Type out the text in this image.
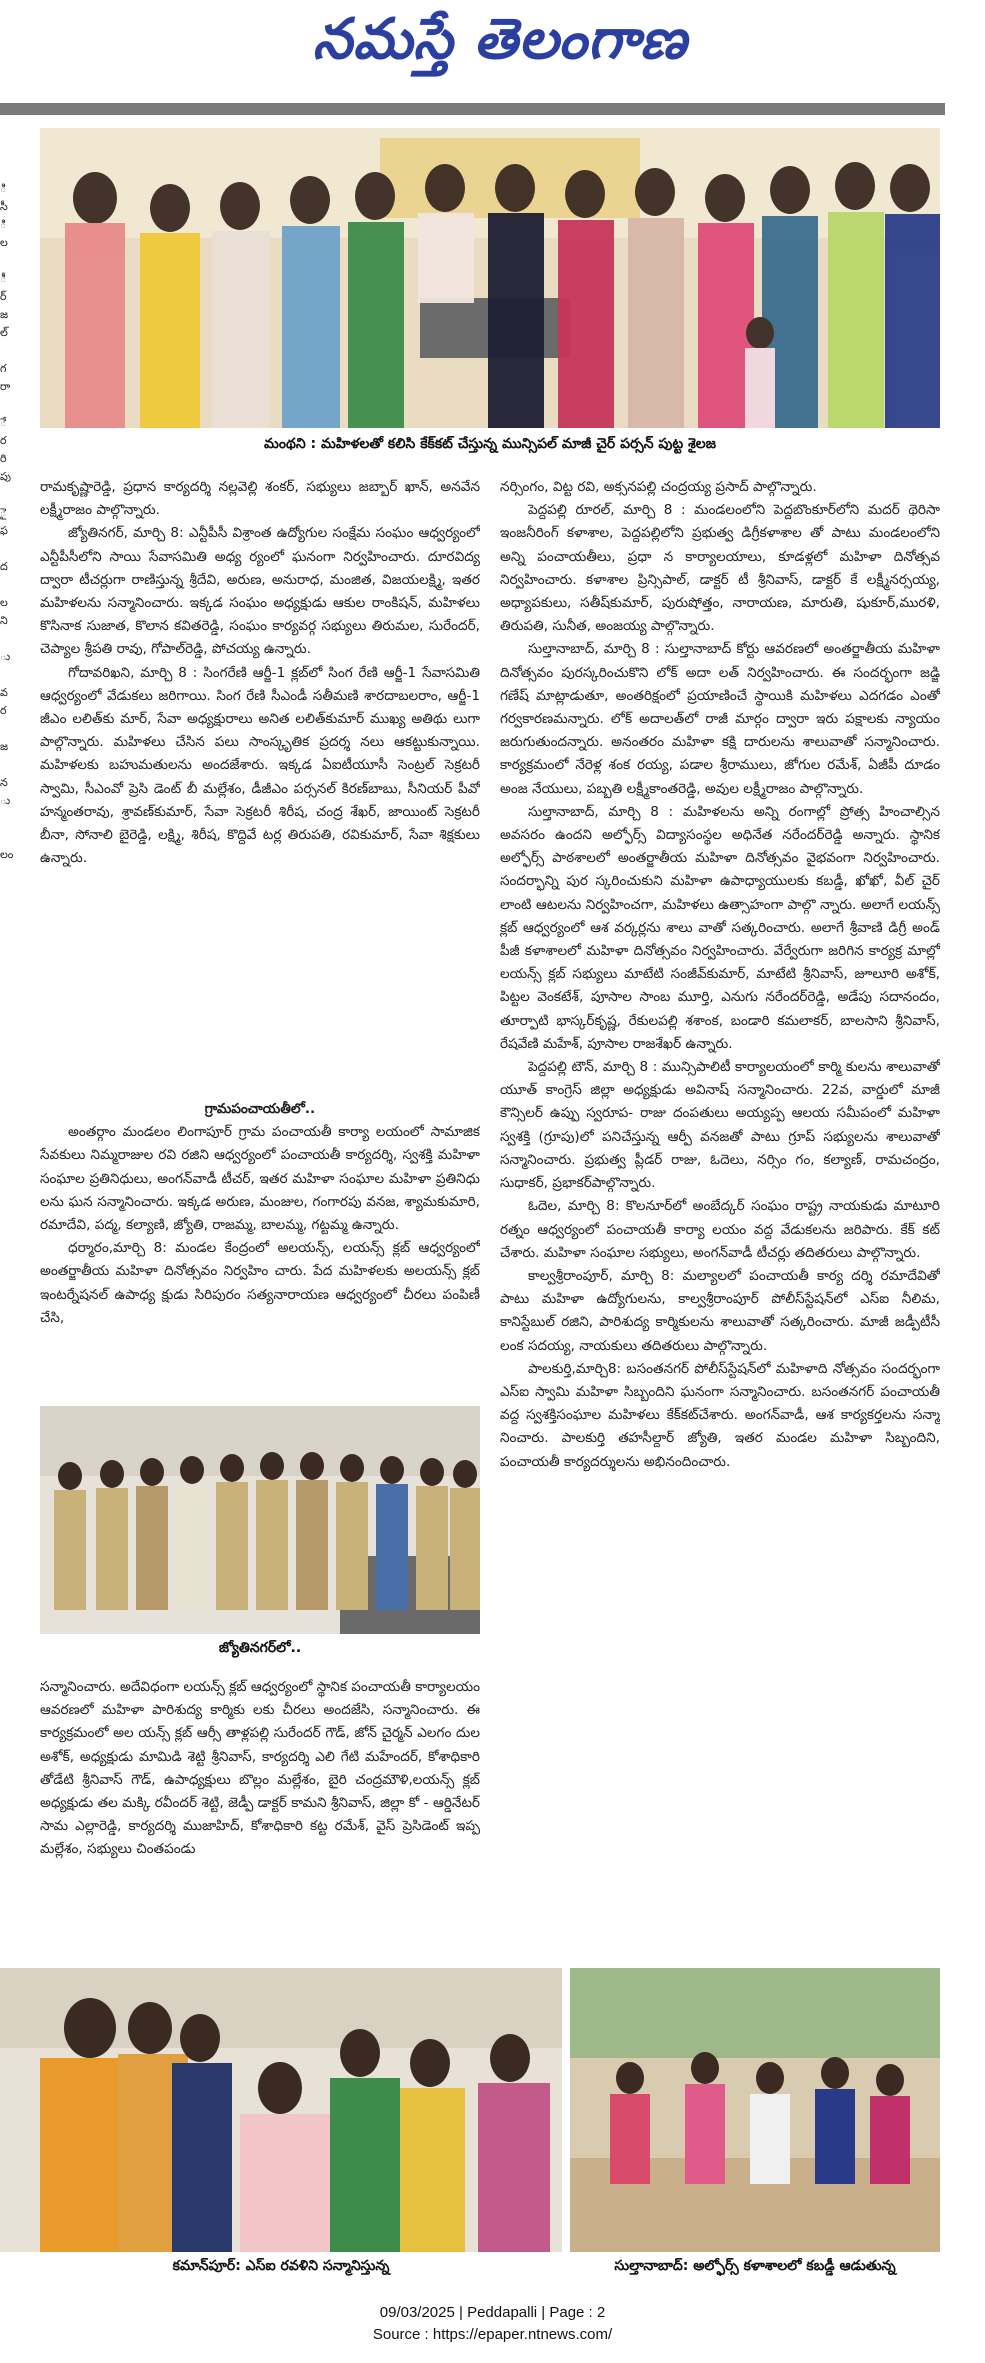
నమస్తే తెలంగాణ
ి
సీ
ి
ల

ీ
ర్
జ
ల్

గ
రా

ే
ర
రి
పు

ై
ఫ

ద

ల
ని

ు

వ
ర

జ

న
ు

లం
మంథని : మహిళలతో కలిసి కేక్‌కట్ చేస్తున్న మున్సిపల్ మాజీ చైర్ పర్సన్ పుట్ట శైలజ

రామకృష్ణారెడ్డి, ప్రధాన కార్యదర్శి నల్లవెల్లి శంకర్, సభ్యులు జబ్బార్ ఖాన్, అనవేన లక్ష్మీరాజం పాల్గొన్నారు.

జ్యోతినగర్, మార్చి 8: ఎన్టీపీసీ విశ్రాంత ఉద్యోగుల సంక్షేమ సంఘం ఆధ్వర్యంలో ఎన్టీపీసీలోని సాయి సేవాసమితి అధ్య ర్యంలో ఘనంగా నిర్వహించారు. దూరవిద్య ద్వారా టీచర్లుగా రాణిస్తున్న శ్రీదేవి, అరుణ, అనురాధ, మంజిత, విజయలక్ష్మి, ఇతర మహిళలను సన్మానించారు. ఇక్కడ సంఘం అధ్యక్షుడు ఆకుల రాంకిషన్, మహిళలు కొసినాక సుజాత, కొలాన కవితరెడ్డి, సంఘం కార్యవర్గ సభ్యులు తిరుమల, సురేందర్, చెప్యాల శ్రీపతి రావు, గోపాల్‌రెడ్డి, పోచయ్య ఉన్నారు.

గోదావరిఖని, మార్చి 8 : సింగరేణి ఆర్జీ-1 క్లబ్‌లో సింగ రేణి ఆర్జీ-1 సేవాసమితి ఆధ్వర్యంలో వేడుకలు జరిగాయి. సింగ రేణి సీఎండీ సతీమణి శారదాబలరాం, ఆర్జీ-1 జీఎం లలిత్‌కు మార్, సేవా అధ్యక్షురాలు అనిత లలిత్‌కుమార్ ముఖ్య అతిథు లుగా పాల్గొన్నారు. మహిళలు చేసిన పలు సాంస్కృతిక ప్రదర్శ నలు ఆకట్టుకున్నాయి. మహిళలకు బహుమతులను అందజేశారు. ఇక్కడ ఏఐటీయూసీ సెంట్రల్ సెక్రటరీ స్వామి, సీఎంవో ప్రెసి డెంట్ బీ మల్లేశం, డీజీఎం పర్సనల్ కిరణ్‌బాబు, సీనియర్ పీవో హన్మంతరావు, శ్రావణ్‌కుమార్, సేవా సెక్రటరీ శిరీష, చంద్ర శేఖర్, జాయింట్ సెక్రటరీ బీనా, సోనాలి బైరెడ్డి, లక్ష్మి, శిరీష, కొద్దివే టర్ల తిరుపతి, రవికుమార్, సేవా శిక్షకులు ఉన్నారు.

గ్రామపంచాయతీలో..

అంతర్గాం మండలం లింగాపూర్ గ్రామ పంచాయతీ కార్యా లయంలో సామాజిక సేవకులు నిమ్మరాజుల రవి రజిని ఆధ్వర్యంలో పంచాయతీ కార్యదర్శి, స్వశక్తి మహిళా సంఘాల ప్రతినిధులు, అంగన్‌వాడీ టీచర్, ఇతర మహిళా సంఘాల మహిళా ప్రతినిధు లను ఘన సన్మానించారు. ఇక్కడ అరుణ, మంజుల, గంగారపు వనజ, శ్యామకుమారి, రమాదేవి, పద్మ, కల్యాణి, జ్యోతి, రాజమ్మ, బాలమ్మ, గట్టమ్మ ఉన్నారు.

ధర్మారం,మార్చి 8: మండల కేంద్రంలో అలయన్స్, లయన్స్ క్లబ్ ఆధ్వర్యంలో అంతర్జాతీయ మహిళా దినోత్సవం నిర్వహిం చారు. పేద మహిళలకు అలయన్స్ క్లబ్ ఇంటర్నేషనల్ ఉపాధ్య క్షుడు సిరిపురం సత్యనారాయణ ఆధ్వర్యంలో చీరలు పంపిణీ చేసి,

జ్యోతినగర్‌లో..

సన్మానించారు. అదేవిధంగా లయన్స్ క్లబ్ ఆధ్వర్యంలో స్థానిక పంచాయతీ కార్యాలయం ఆవరణలో మహిళా పారిశుద్య కార్మికు లకు చీరలు అందజేసి, సన్మానించారు. ఈ కార్యక్రమంలో అల యన్స్ క్లబ్ ఆర్సీ తాళ్లపల్లి సురేందర్ గౌడ్, జోన్ చైర్మన్ ఎలగం దుల అశోక్, అధ్యక్షుడు మామిడి శెట్టి శ్రీనివాస్, కార్యదర్శి ఎలి గేటి మహేందర్, కోశాధికారి తోడేటి శ్రీనివాస్ గౌడ్, ఉపాధ్యక్షులు బొల్లం మల్లేశం, బైరి చంద్రమౌళి,లయన్స్ క్లబ్ అధ్యక్షుడు తల మక్కి రవీందర్ శెట్టి, జెడ్పీ డాక్టర్ కామని శ్రీనివాస్, జిల్లా కో - ఆర్డినేటర్ సామ ఎల్లారెడ్డి, కార్యదర్శి ముజాహిద్, కోశాధికారి కట్ట రమేశ్, వైస్ ప్రెసిడెంట్ ఇప్ప మల్లేశం, సభ్యులు చింతపండు

నర్సింగం, విట్ట రవి, అక్సనపల్లి చంద్రయ్య ప్రసాద్ పాల్గొన్నారు.

పెద్దపల్లి రూరల్, మార్చి 8 : మండలంలోని పెద్దబొంకూర్‌లోని మదర్ థెరిసా ఇంజనీరింగ్ కళాశాల, పెద్దపల్లిలోని ప్రభుత్వ డిగ్రీకళాశాల తో పాటు మండలంలోని అన్ని పంచాయతీలు, ప్రధా న కార్యాలయాలు, కూడళ్లలో మహిళా దినోత్సవ నిర్వహించారు. కళాశాల ప్రిన్సిపాల్, డాక్టర్ టీ శ్రీనివాస్, డాక్టర్ కే లక్ష్మీనర్సయ్య, అధ్యాపకులు, సతీష్‌కుమార్, పురుషోత్తం, నారాయణ, మారుతి, షుకూర్,మురళి, తిరుపతి, సునీత, అంజయ్య పాల్గొన్నారు.

సుల్తానాబాద్, మార్చి 8 : సుల్తానాబాద్ కోర్టు ఆవరణలో అంతర్జాతీయ మహిళా దినోత్సవం పురస్కరించుకొని లోక్ అదా లత్ నిర్వహించారు. ఈ సందర్భంగా జడ్జి గణేష్ మాట్లాడుతూ, అంతరిక్షంలో ప్రయాణించే స్థాయికి మహిళలు ఎదగడం ఎంతో గర్వకారణమన్నారు. లోక్ అదాలత్‌లో రాజీ మార్గం ద్వారా ఇరు పక్షాలకు న్యాయం జరుగుతుందన్నారు. అనంతరం మహిళా కక్షి దారులను శాలువాతో సన్మానించారు. కార్యక్రమంలో నేరెళ్ల శంక రయ్య, పడాల శ్రీరాములు, జోగుల రమేశ్, ఏజీపీ దూడం అంజ నేయులు, పబ్బతి లక్ష్మీకాంతరెడ్డి, అవుల లక్ష్మీరాజం పాల్గొన్నారు.

సుల్తానాబాద్, మార్చి 8 : మహిళలను అన్ని రంగాల్లో ప్రోత్స హించాల్సిన అవసరం ఉందని అల్ఫోర్స్ విద్యాసంస్థల అధినేత నరేందర్‌రెడ్డి అన్నారు. స్థానిక అల్ఫోర్స్ పాఠశాలలో అంతర్జాతీయ మహిళా దినోత్సవం వైభవంగా నిర్వహించారు. సందర్భాన్ని పుర స్కరించుకుని మహిళా ఉపాధ్యాయులకు కబడ్డీ, ఖోఖో, వీల్ చైర్ లాంటి ఆటలను నిర్వహించగా, మహిళలు ఉత్సాహంగా పాల్గొ న్నారు. అలాగే లయన్స్ క్లబ్ ఆధ్వర్యంలో ఆశ వర్కర్లను శాలు వాతో సత్కరించారు. అలాగే శ్రీవాణి డిగ్రీ అండ్ పీజీ కళాశాలలో మహిళా దినోత్సవం నిర్వహించారు. వేర్వేరుగా జరిగిన కార్యక్ర మాల్లో లయన్స్ క్లబ్ సభ్యులు మాటేటి సంజీవ్‌కుమార్, మాటేటి శ్రీనివాస్, జూలూరి అశోక్, పిట్టల వెంకటేశ్, పూసాల సాంబ మూర్తి, ఎనుగు నరేందర్‌రెడ్డి, అడేపు సదానందం, తూర్పాటి భాస్కర్‌కృష్ణ, రేకులపల్లి శశాంక, బండారి కమలాకర్, బాలసాని శ్రీనివాస్, రేషవేణి మహేశ్, పూసాల రాజశేఖర్ ఉన్నారు.

పెద్దపల్లి టౌన్, మార్చి 8 : మున్సిపాలిటీ కార్యాలయంలో కార్మి కులను శాలువాతో యూత్ కాంగ్రెస్ జిల్లా అధ్యక్షుడు అవినాష్ సన్మానించారు. 22వ, వార్డులో మాజీ కౌన్సిలర్ ఉప్పు స్వరూప- రాజు దంపతులు అయ్యప్ప ఆలయ సమీపంలో మహిళా స్వశక్తి (గ్రూపు)లో పనిచేస్తున్న ఆర్పీ వనజతో పాటు గ్రూప్ సభ్యులను శాలువాతో సన్మానించారు. ప్రభుత్వ ప్లీడర్ రాజు, ఓదెలు, నర్సిం గం, కల్యాణ్, రామచంద్రం, సుధాకర్, ప్రభాకర్‌పాల్గొన్నారు.

ఓదెల, మార్చి 8: కొలనూర్‌లో అంబేద్కర్ సంఘం రాష్ట్ర నాయకుడు మాటూరి రత్నం ఆధ్వర్యంలో పంచాయతీ కార్యా లయం వద్ద వేడుకలను జరిపారు. కేక్ కట్ చేశారు. మహిళా సంఘాల సభ్యులు, అంగన్‌వాడీ టీచర్లు తదితరులు పాల్గొన్నారు.

కాల్వశ్రీరాంపూర్, మార్చి 8: మల్యాలలో పంచాయతీ కార్య దర్శి రమాదేవితో పాటు మహిళా ఉద్యోగులను, కాల్వశ్రీరాంపూర్ పోలీస్‌స్టేషన్‌లో ఎస్ఐ నీలిమ, కానిస్టేబుల్ రజిని, పారిశుద్య కార్మికులను శాలువాతో సత్కరించారు. మాజీ జడ్పీటీసీ లంక సదయ్య, నాయకులు తదితరులు పాల్గొన్నారు.

పాలకుర్తి,మార్చి8: బసంతనగర్ పోలీస్‌స్టేషన్‌లో మహిళాది నోత్సవం సందర్భంగా ఎస్ఐ స్వామి మహిళా సిబ్బందిని ఘనంగా సన్మానించారు. బసంతనగర్ పంచాయతీ వద్ద స్వశక్తిసంఘాల మహిళలు కేక్‌కట్‌చేశారు. అంగన్‌వాడీ, ఆశ కార్యకర్తలను సన్మా నించారు. పాలకుర్తి తహసీల్దార్ జ్యోతి, ఇతర మండల మహిళా సిబ్బందిని, పంచాయతీ కార్యదర్శులను అభినందించారు.

కమాన్‌పూర్: ఎస్‌ఐ రవళిని సన్మానిస్తున్న	సుల్తానాబాద్: అల్ఫోర్స్ కళాశాలలో కబడ్డీ ఆడుతున్న
09/03/2025 | Peddapalli | Page : 2
Source : https://epaper.ntnews.com/
